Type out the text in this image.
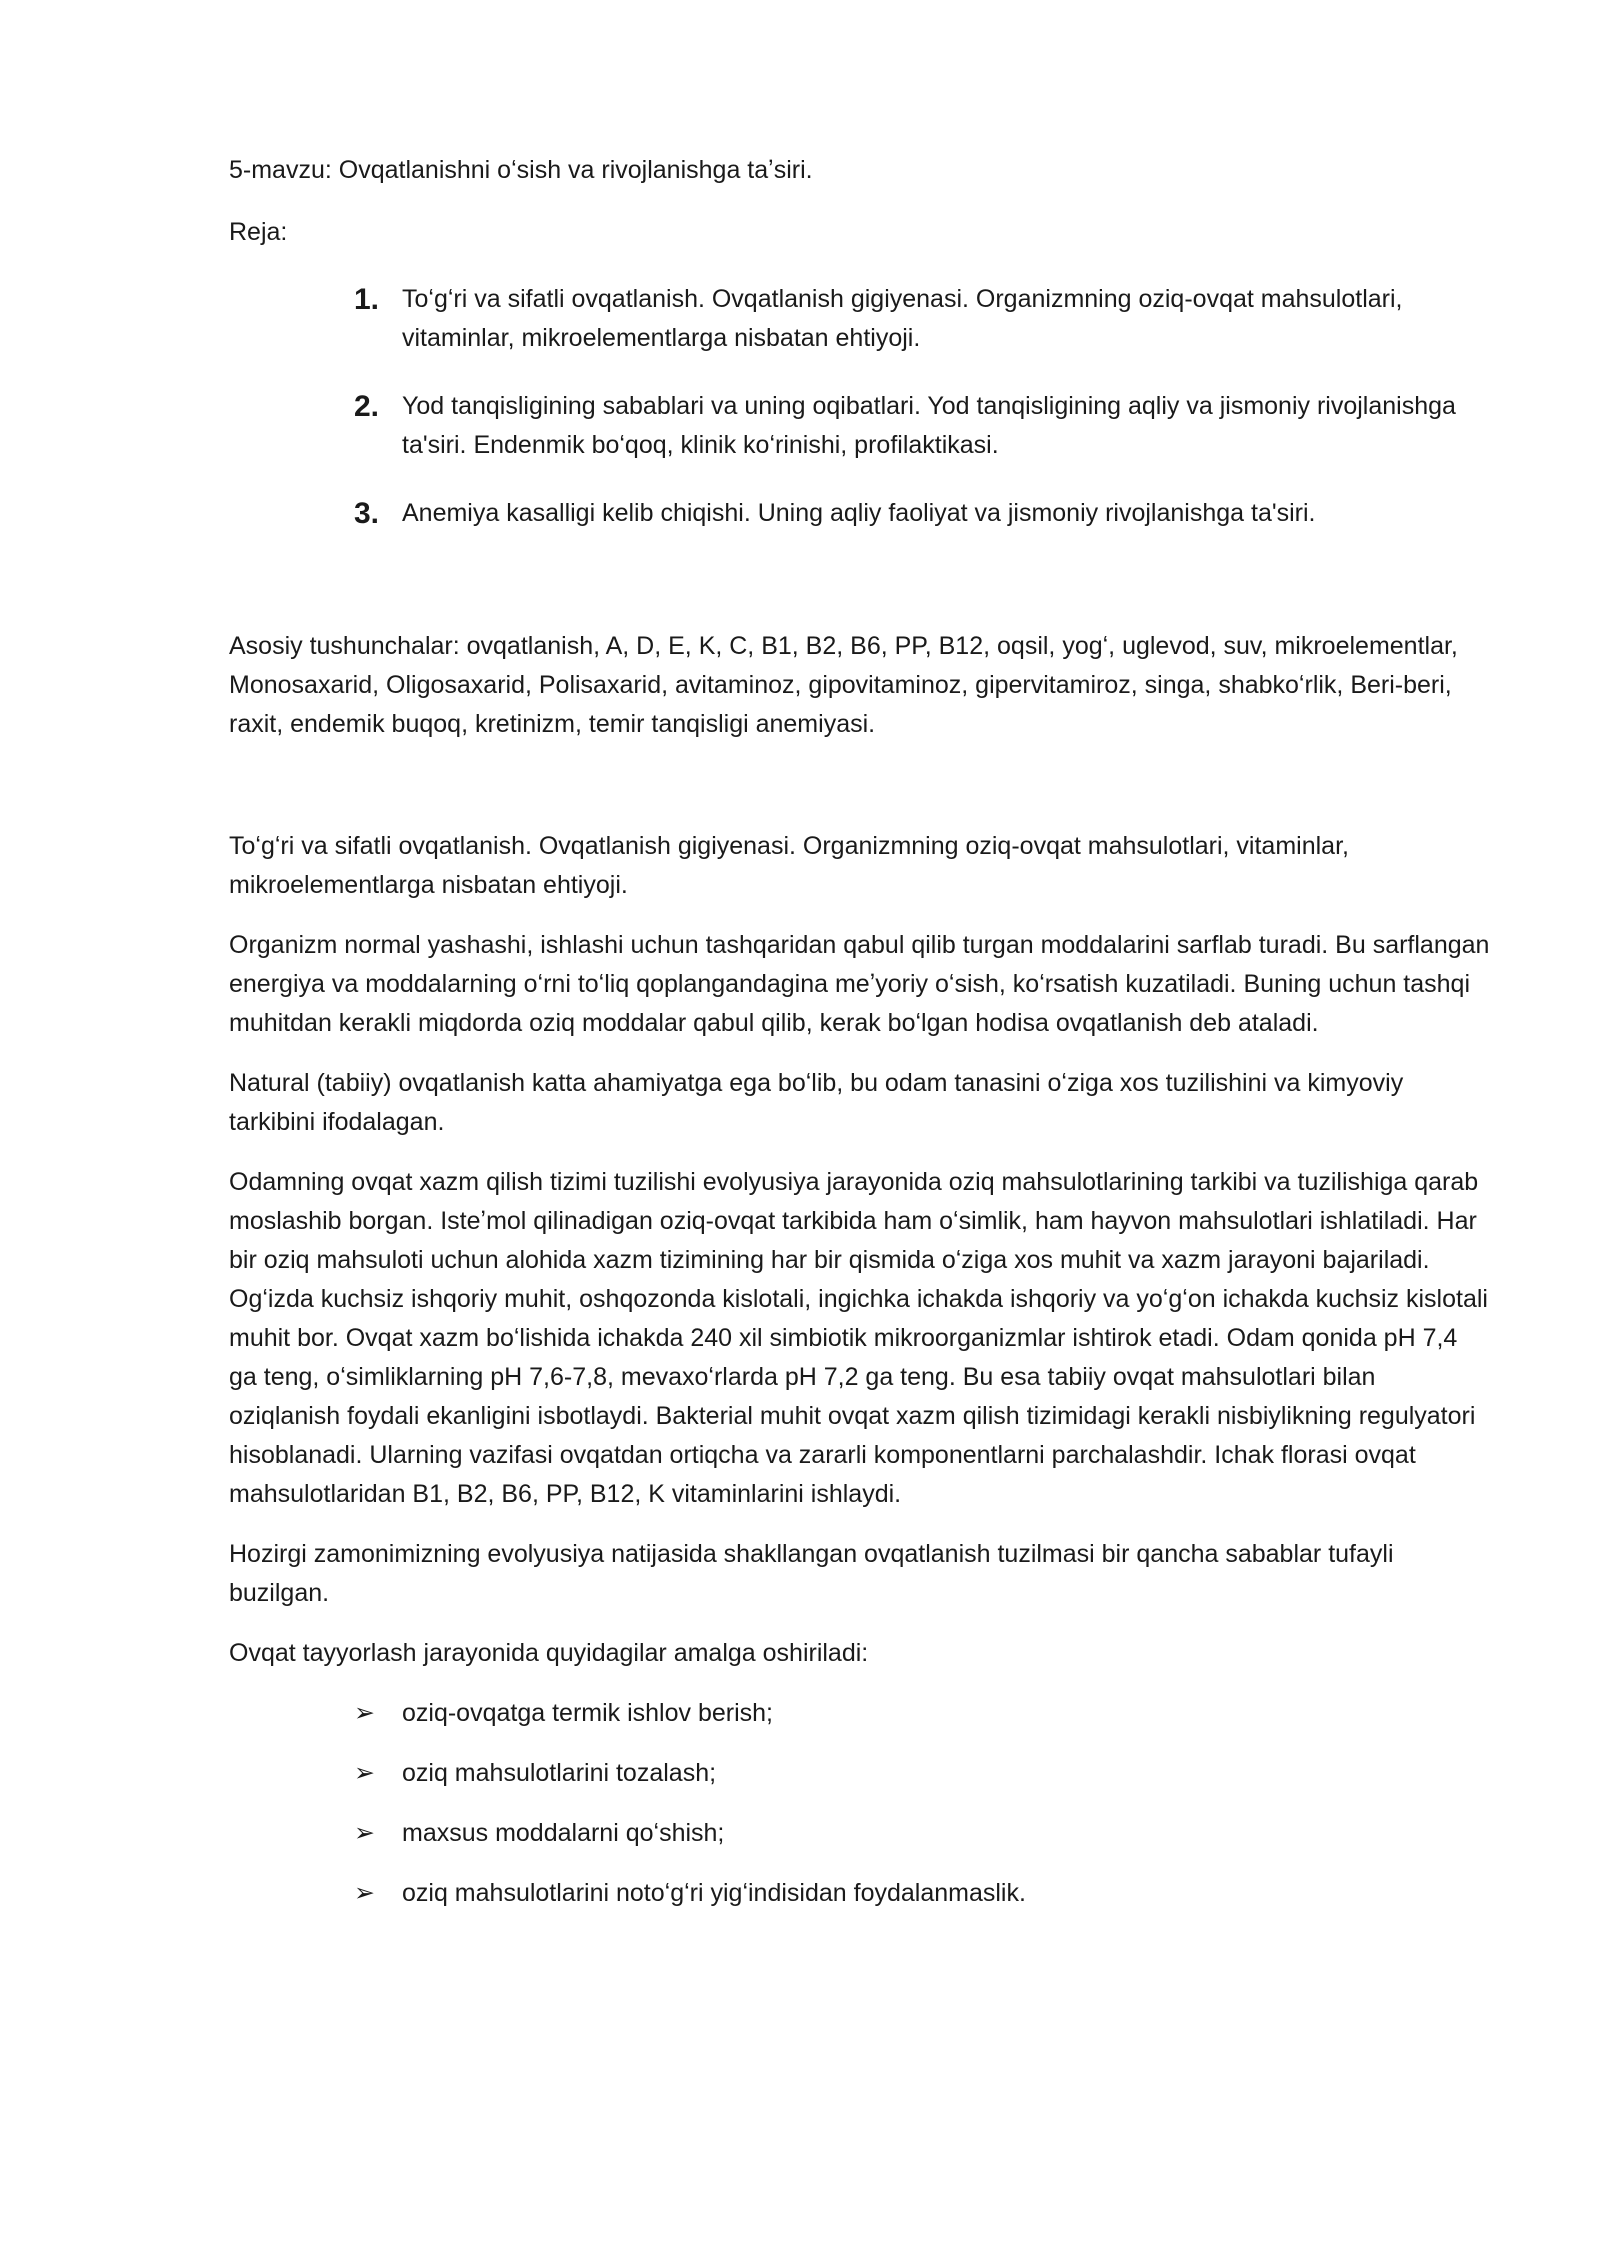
5-mavzu: Ovqatlanishni oʻsish va rivojlanishga taʼsiri.
Reja:
1. Toʻgʻri va sifatli ovqatlanish. Ovqatlanish gigiyenasi. Organizmning oziq-ovqat mahsulotlari, vitaminlar, mikroelementlarga nisbatan ehtiyoji.
2. Yod tanqisligining sabablari va uning oqibatlari. Yod tanqisligining aqliy va jismoniy rivojlanishga ta'siri. Endenmik boʻqoq, klinik koʻrinishi, profilaktikasi.
3. Anemiya kasalligi kelib chiqishi. Uning aqliy faoliyat va jismoniy rivojlanishga ta'siri.
Asosiy tushunchalar: ovqatlanish, A, D, E, K, C, B1, B2, B6, PP, B12, oqsil, yogʻ, uglevod, suv, mikroelementlar, Monosaxarid, Oligosaxarid, Polisaxarid, avitaminoz, gipovitaminoz, gipervitamiroz, singa, shabkoʻrlik, Beri-beri, raxit, endemik buqoq, kretinizm, temir tanqisligi anemiyasi.

Toʻgʻri va sifatli ovqatlanish. Ovqatlanish gigiyenasi. Organizmning oziq-ovqat mahsulotlari, vitaminlar, mikroelementlarga nisbatan ehtiyoji.

Organizm normal yashashi, ishlashi uchun tashqaridan qabul qilib turgan moddalarini sarflab turadi. Bu sarflangan energiya va moddalarning oʻrni toʻliq qoplangandagina meʼyoriy oʻsish, koʻrsatish kuzatiladi. Buning uchun tashqi muhitdan kerakli miqdorda oziq moddalar qabul qilib, kerak boʻlgan hodisa ovqatlanish deb ataladi.

Natural (tabiiy) ovqatlanish katta ahamiyatga ega boʻlib, bu odam tanasini oʻziga xos tuzilishini va kimyoviy tarkibini ifodalagan.

Odamning ovqat xazm qilish tizimi tuzilishi evolyusiya jarayonida oziq mahsulotlarining tarkibi va tuzilishiga qarab moslashib borgan. Isteʼmol qilinadigan oziq-ovqat tarkibida ham oʻsimlik, ham hayvon mahsulotlari ishlatiladi. Har bir oziq mahsuloti uchun alohida xazm tizimining har bir qismida oʻziga xos muhit va xazm jarayoni bajariladi. Ogʻizda kuchsiz ishqoriy muhit, oshqozonda kislotali, ingichka ichakda ishqoriy va yoʻgʻon ichakda kuchsiz kislotali muhit bor. Ovqat xazm boʻlishida ichakda 240 xil simbiotik mikroorganizmlar ishtirok etadi. Odam qonida pH 7,4 ga teng, oʻsimliklarning pH 7,6-7,8, mevaxoʻrlarda pH 7,2 ga teng. Bu esa tabiiy ovqat mahsulotlari bilan oziqlanish foydali ekanligini isbotlaydi. Bakterial muhit ovqat xazm qilish tizimidagi kerakli nisbiylikning regulyatori hisoblanadi. Ularning vazifasi ovqatdan ortiqcha va zararli komponentlarni parchalashdir. Ichak florasi ovqat mahsulotlaridan B1, B2, B6, PP, B12, K vitaminlarini ishlaydi.

Hozirgi zamonimizning evolyusiya natijasida shakllangan ovqatlanish tuzilmasi bir qancha sabablar tufayli buzilgan.

Ovqat tayyorlash jarayonida quyidagilar amalga oshiriladi:

➢ oziq-ovqatga termik ishlov berish;
➢ oziq mahsulotlarini tozalash;
➢ maxsus moddalarni qoʻshish;
➢ oziq mahsulotlarini notoʻgʻri yigʻindisidan foydalanmaslik.
